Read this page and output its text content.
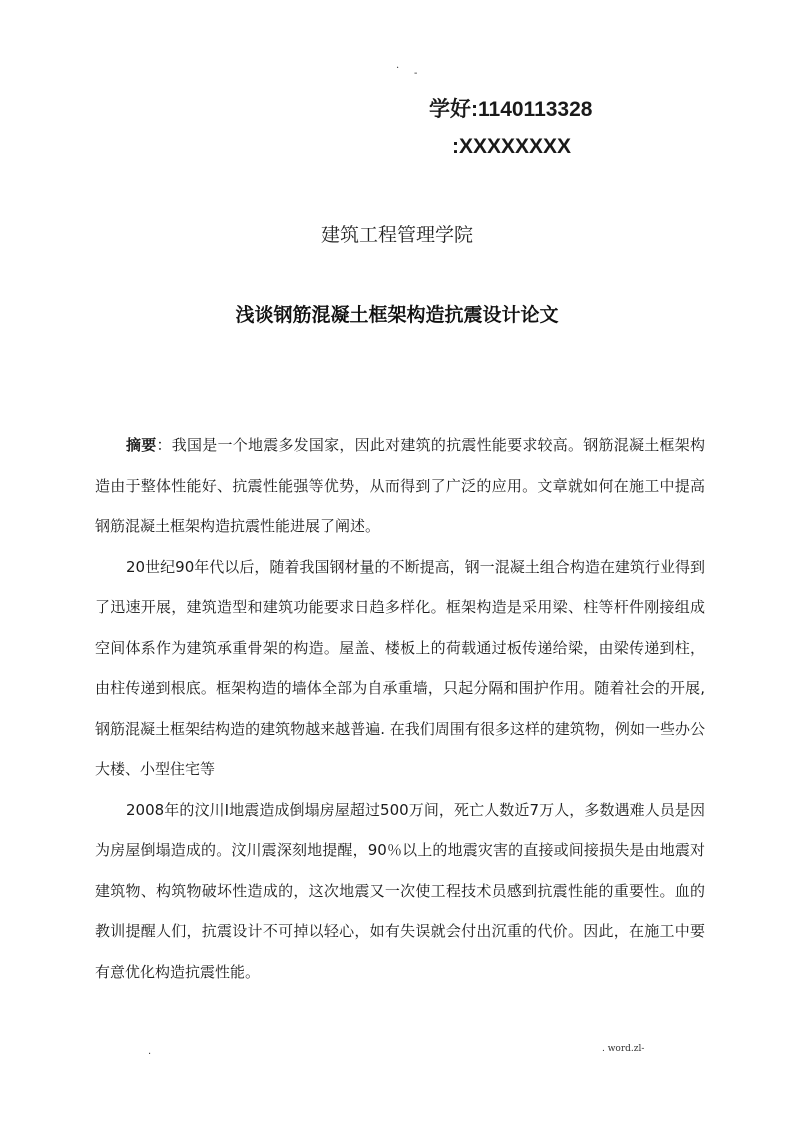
.
-
学好:1140113328
:XXXXXXXX
建筑工程管理学院
浅谈钢筋混凝土框架构造抗震设计论文

摘要：我国是一个地震多发国家，因此对建筑的抗震性能要求较高。钢筋混凝土框架构造由于整体性能好、抗震性能强等优势，从而得到了广泛的应用。文章就如何在施工中提高钢筋混凝土框架构造抗震性能进展了阐述。

20世纪90年代以后，随着我国钢材量的不断提高，钢一混凝土组合构造在建筑行业得到了迅速开展，建筑造型和建筑功能要求日趋多样化。框架构造是采用梁、柱等杆件刚接组成空间体系作为建筑承重骨架的构造。屋盖、楼板上的荷载通过板传递给梁，由梁传递到柱，由柱传递到根底。框架构造的墙体全部为自承重墙，只起分隔和围护作用。随着社会的开展,钢筋混凝土框架结构造的建筑物越来越普遍. 在我们周围有很多这样的建筑物，例如一些办公大楼、小型住宅等

2008年的汶川I地震造成倒塌房屋超过500万间，死亡人数近7万人，多数遇难人员是因为房屋倒塌造成的。汶川震深刻地提醒，90％以上的地震灾害的直接或间接损失是由地震对建筑物、构筑物破坏性造成的，这次地震又一次使工程技术员感到抗震性能的重要性。血的教训提醒人们，抗震设计不可掉以轻心，如有失误就会付出沉重的代价。因此，在施工中要有意优化构造抗震性能。

.	. word.zl-
